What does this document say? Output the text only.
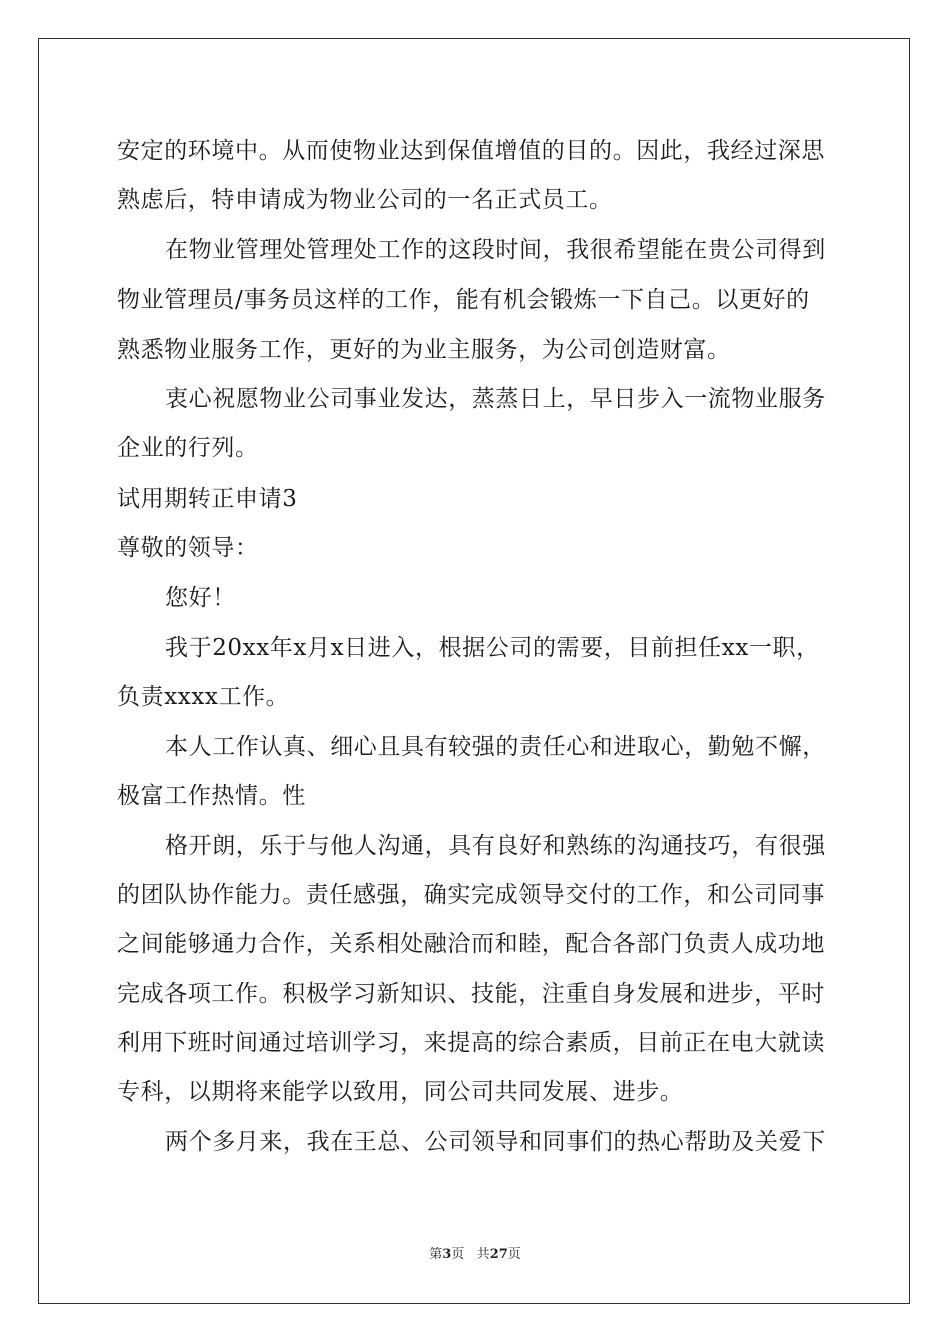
安定的环境中。从而使物业达到保值增值的目的。因此，我经过深思
熟虑后，特申请成为物业公司的一名正式员工。
在物业管理处管理处工作的这段时间，我很希望能在贵公司得到
物业管理员/事务员这样的工作，能有机会锻炼一下自己。以更好的
熟悉物业服务工作，更好的为业主服务，为公司创造财富。
衷心祝愿物业公司事业发达，蒸蒸日上，早日步入一流物业服务
企业的行列。
试用期转正申请3
尊敬的领导：
您好！
我于20xx年x月x日进入，根据公司的需要，目前担任xx一职，
负责xxxx工作。
本人工作认真、细心且具有较强的责任心和进取心，勤勉不懈，
极富工作热情。性
格开朗，乐于与他人沟通，具有良好和熟练的沟通技巧，有很强
的团队协作能力。责任感强，确实完成领导交付的工作，和公司同事
之间能够通力合作，关系相处融洽而和睦，配合各部门负责人成功地
完成各项工作。积极学习新知识、技能，注重自身发展和进步，平时
利用下班时间通过培训学习，来提高的综合素质，目前正在电大就读
专科，以期将来能学以致用，同公司共同发展、进步。
两个多月来，我在王总、公司领导和同事们的热心帮助及关爱下
第3页 共27页
